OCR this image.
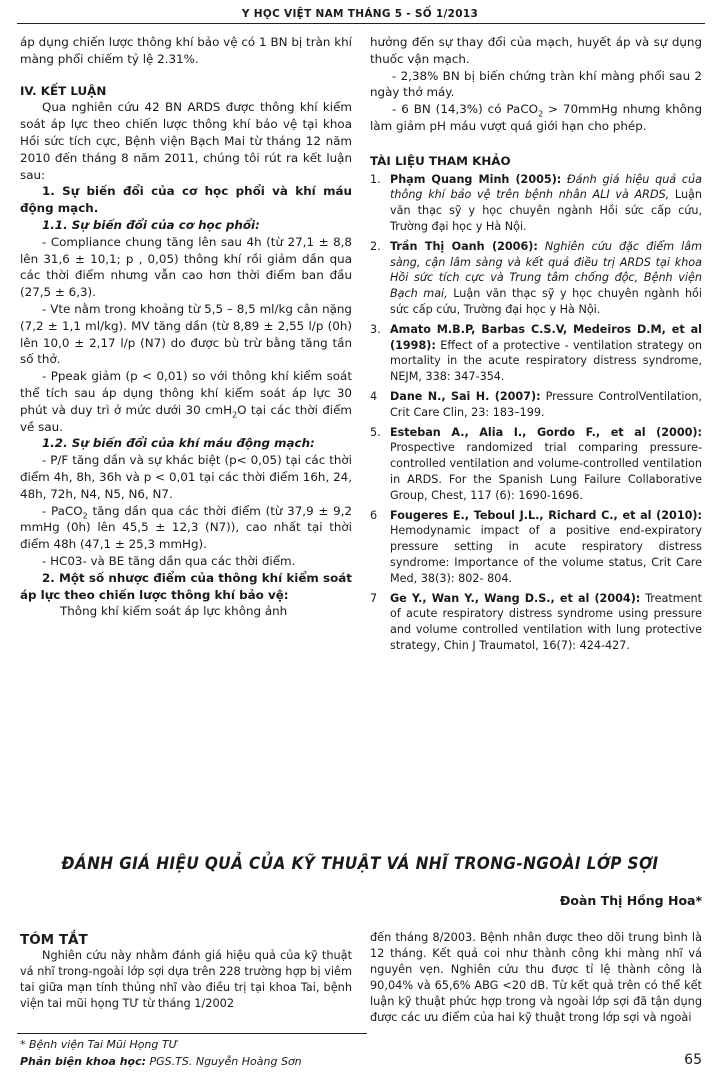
Y HỌC VIỆT NAM THÁNG 5 - SỐ 1/2013

áp dụng chiến lược thông khí bảo vệ có 1 BN bị tràn khí màng phổi chiếm tỷ lệ 2.31%.

IV. KẾT LUẬN

Qua nghiên cứu 42 BN ARDS được thông khí kiểm soát áp lực theo chiến lược thông khí bảo vệ tại khoa Hồi sức tích cực, Bệnh viện Bạch Mai từ tháng 12 năm 2010 đến tháng 8 năm 2011, chúng tôi rút ra kết luận sau:

1. Sự biến đổi của cơ học phổi và khí máu động mạch.

1.1. Sự biến đổi của cơ học phổi:

- Compliance chung tăng lên sau 4h (từ 27,1 ± 8,8 lên 31,6 ± 10,1; p , 0,05) thông khí rồi giảm dần qua các thời điểm nhưng vẫn cao hơn thời điểm ban đầu (27,5 ± 6,3).

- Vte nằm trong khoảng từ 5,5 – 8,5 ml/kg cân nặng (7,2 ± 1,1 ml/kg). MV tăng dần (từ 8,89 ± 2,55 l/p (0h) lên 10,0 ± 2,17 l/p (N7) do được bù trừ bằng tăng tần số thở.

- Ppeak giảm (p < 0,01) so với thông khí kiểm soát thể tích sau áp dụng thông khí kiểm soát áp lực 30 phút và duy trì ở mức dưới 30 cmH$_2$O tại các thời điểm về sau.

1.2. Sự biến đổi của khí máu động mạch:

- P/F tăng dần và sự khác biệt (p< 0,05) tại các thời điểm 4h, 8h, 36h và p < 0,01 tại các thời điểm 16h, 24, 48h, 72h, N4, N5, N6, N7.

- PaCO$_2$ tăng dần qua các thời điểm (từ 37,9 ± 9,2 mmHg (0h) lên 45,5 ± 12,3 (N7)), cao nhất tại thời điểm 48h (47,1 ± 25,3 mmHg).

- HC03- và BE tăng dần qua các thời điểm.

2. Một số nhược điểm của thông khí kiểm soát áp lực theo chiến lược thông khí bảo vệ:

Thông khí kiểm soát áp lực không ảnh

hưởng đến sự thay đổi của mạch, huyết áp và sự dụng thuốc vận mạch.

- 2,38% BN bị biến chứng tràn khí màng phổi sau 2 ngày thở máy.

- 6 BN (14,3%) có PaCO$_2$ > 70mmHg nhưng không làm giảm pH máu vượt quá giới hạn cho phép.

TÀI LIỆU THAM KHẢO

1. Phạm Quang Minh (2005): Đánh giá hiệu quả của thông khí bảo vệ trên bệnh nhân ALI và ARDS, Luận văn thạc sỹ y học chuyên ngành Hồi sức cấp cứu, Trường đại học y Hà Nội.
2. Trần Thị Oanh (2006): Nghiên cứu đặc điểm lâm sàng, cận lâm sàng và kết quả điều trị ARDS tại khoa Hồi sức tích cực và Trung tâm chống độc, Bệnh viện Bạch mai, Luận văn thạc sỹ y học chuyên ngành hồi sức cấp cứu, Trường đại học y Hà Nội.
3. Amato M.B.P, Barbas C.S.V, Medeiros D.M, et al (1998): Effect of a protective - ventilation strategy on mortality in the acute respiratory distress syndrome, NEJM, 338: 347-354.
4 Dane N., Sai H. (2007): Pressure ControlVentilation, Crit Care Clin, 23: 183–199.
5. Esteban A., Alia I., Gordo F., et al (2000): Prospective randomized trial comparing pressure-controlled ventilation and volume-controlled ventilation in ARDS. For the Spanish Lung Failure Collaborative Group, Chest, 117 (6): 1690-1696.
6 Fougeres E., Teboul J.L., Richard C., et al (2010): Hemodynamic impact of a positive end-expiratory pressure setting in acute respiratory distress syndrome: Importance of the volume status, Crit Care Med, 38(3): 802- 804.
7 Ge Y., Wan Y., Wang D.S., et al (2004): Treatment of acute respiratory distress syndrome using pressure and volume controlled ventilation with lung protective strategy, Chin J Traumatol, 16(7): 424-427.
ĐÁNH GIÁ HIỆU QUẢ CỦA KỸ THUẬT VÁ NHĨ TRONG-NGOÀI LỚP SỢI
Đoàn Thị Hồng Hoa*

TÓM TẮT

Nghiên cứu này nhằm đánh giá hiệu quả của kỹ thuật vá nhĩ trong-ngoài lớp sợi dựa trên 228 trường hợp bị viêm tai giữa mạn tính thủng nhĩ vào điều trị tại khoa Tai, bệnh viện tai mũi họng TƯ từ tháng 1/2002

đến tháng 8/2003. Bệnh nhân được theo dõi trung bình là 12 tháng. Kết quả coi như thành công khi màng nhĩ vá nguyên vẹn. Nghiên cứu thu được tỉ lệ thành công là 90,04% và 65,6% ABG <20 dB. Từ kết quả trên có thể kết luận kỹ thuật phức hợp trong và ngoài lớp sợi đã tận dụng được các ưu điểm của hai kỹ thuật trong lớp sợi và ngoài

* Bệnh viện Tai Mũi Họng TƯ
Phản biện khoa học: PGS.TS. Nguyễn Hoàng Sơn	65
